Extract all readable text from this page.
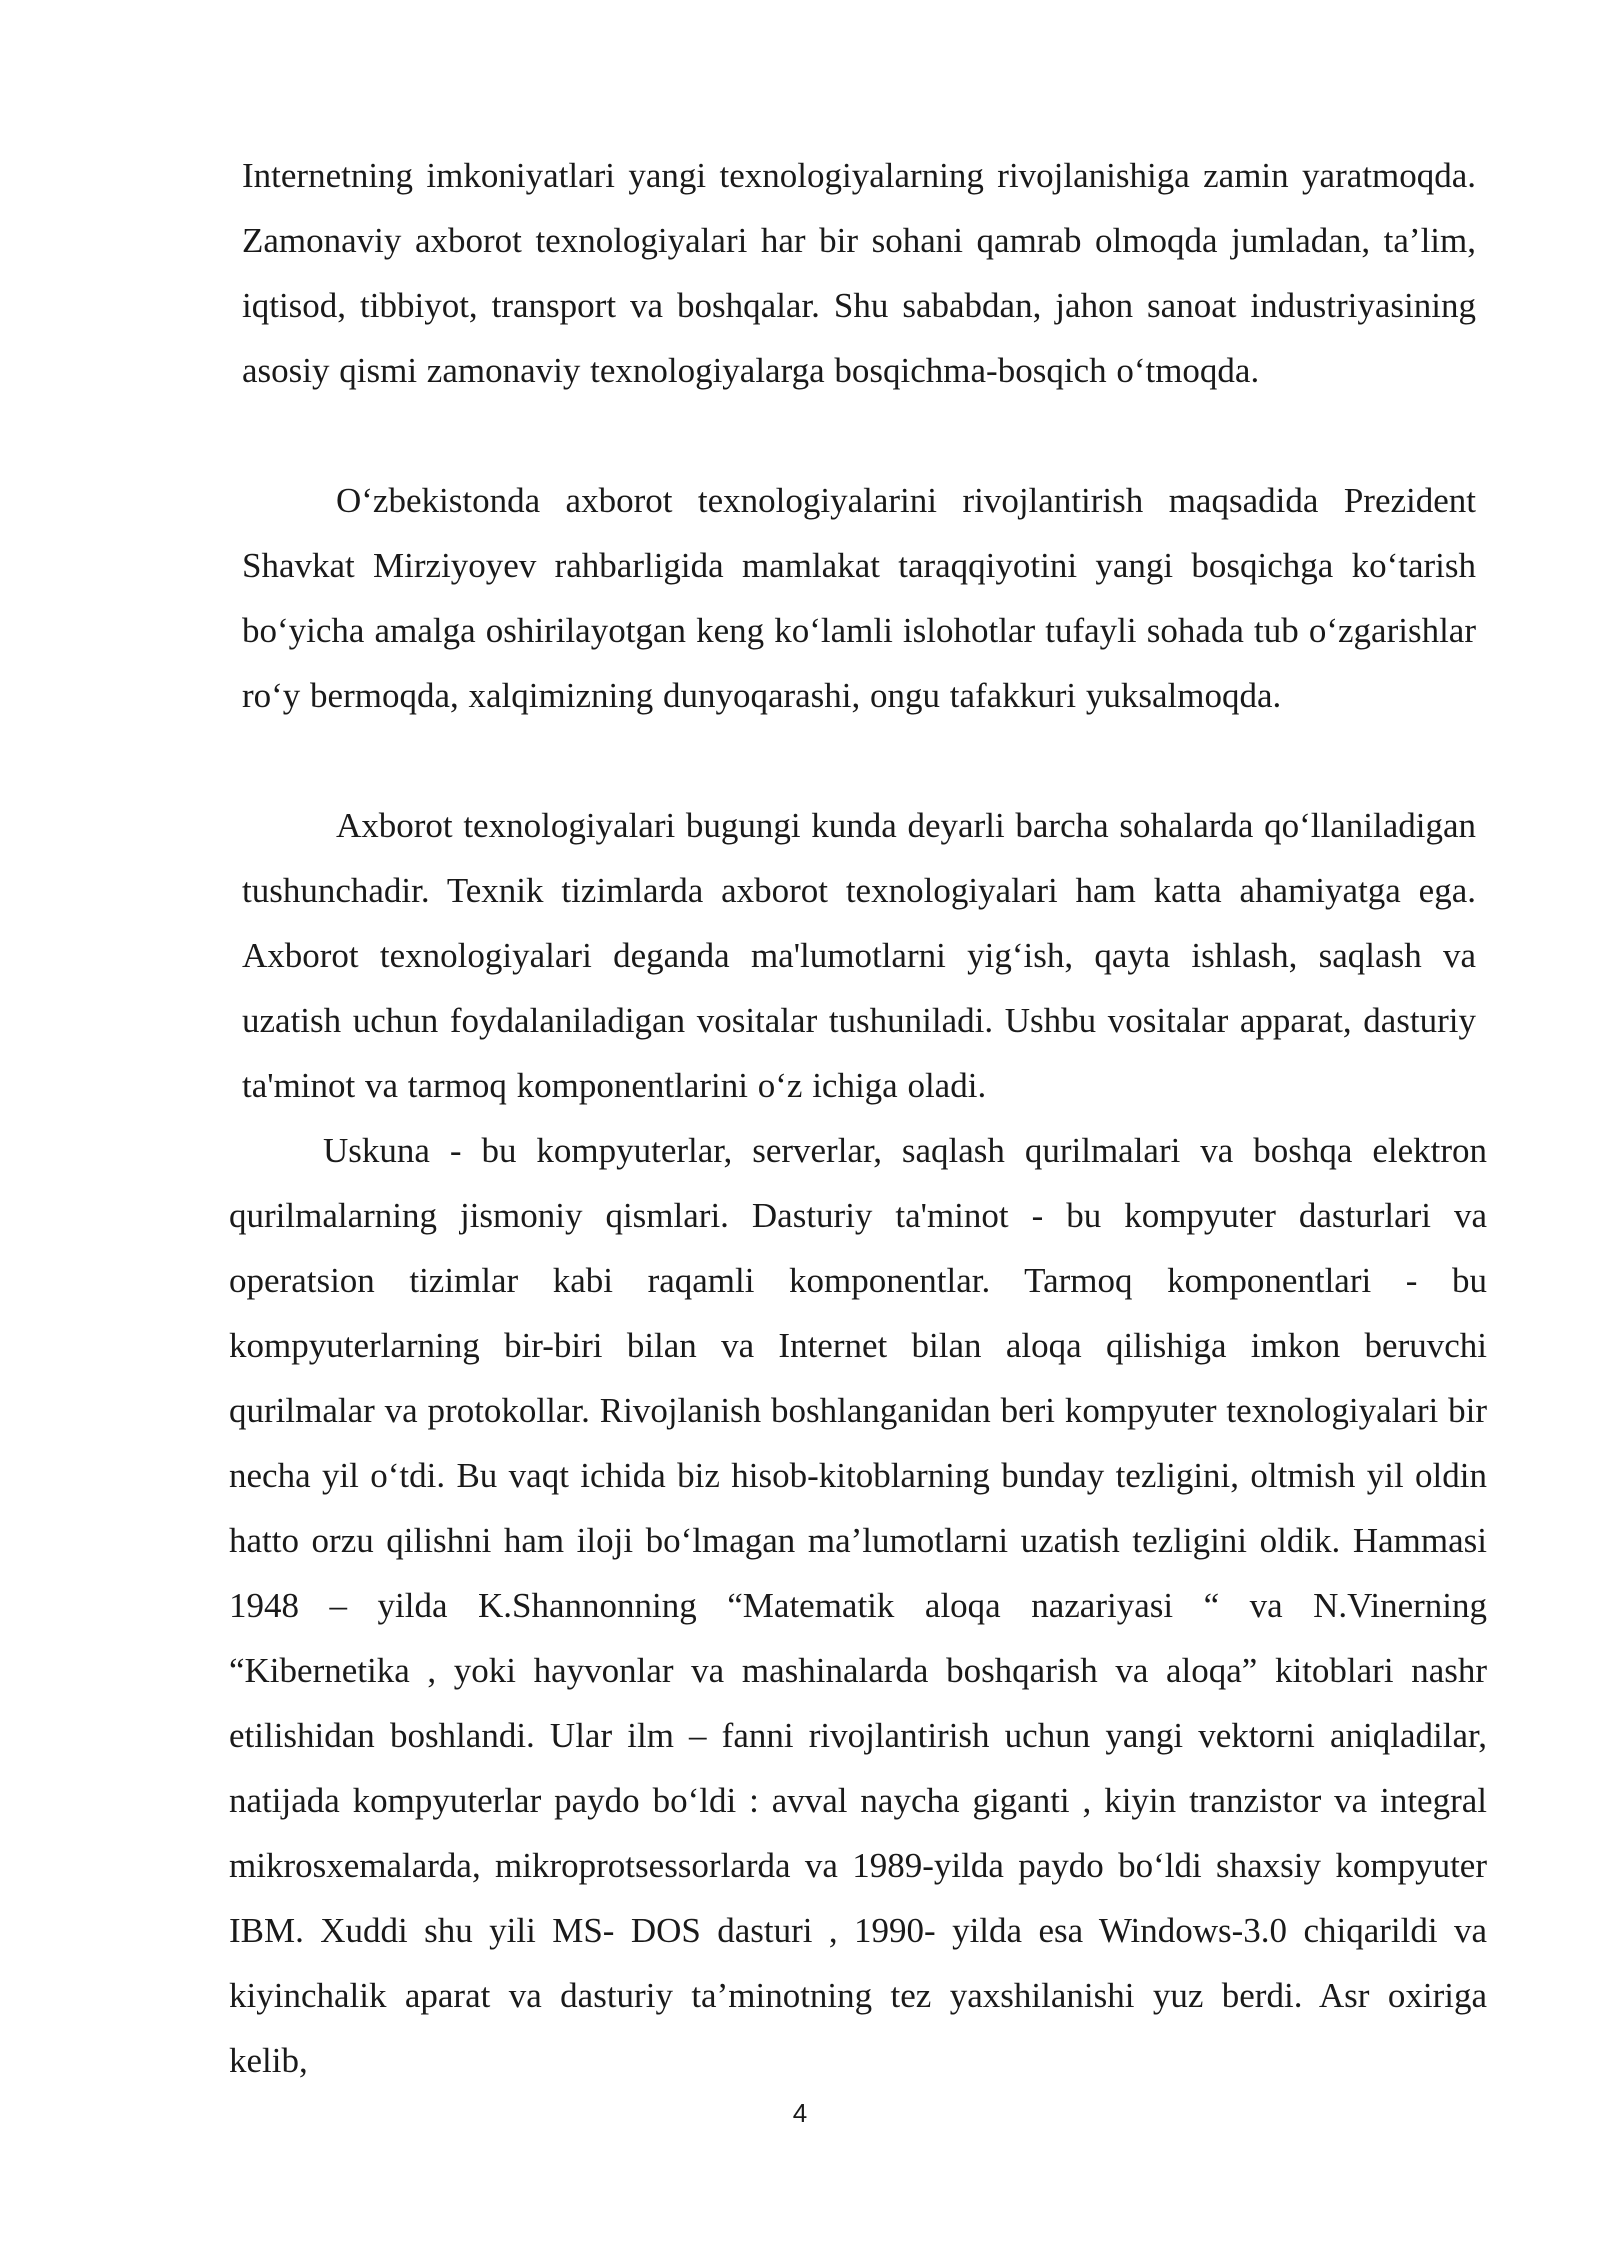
Internetning imkoniyatlari yangi texnologiyalarning rivojlanishiga zamin yaratmoqda. Zamonaviy axborot texnologiyalari har bir sohani qamrab olmoqda jumladan, ta’lim, iqtisod, tibbiyot, transport va boshqalar. Shu sababdan, jahon sanoat industriyasining asosiy qismi zamonaviy texnologiyalarga bosqichma-bosqich o‘tmoqda.

O‘zbekistonda axborot texnologiyalarini rivojlantirish maqsadida Prezident Shavkat Mirziyoyev rahbarligida mamlakat taraqqiyotini yangi bosqichga ko‘tarish bo‘yicha amalga oshirilayotgan keng ko‘lamli islohotlar tufayli sohada tub o‘zgarishlar ro‘y bermoqda, xalqimizning dunyoqarashi, ongu tafakkuri yuksalmoqda.

Axborot texnologiyalari bugungi kunda deyarli barcha sohalarda qo‘llaniladigan tushunchadir. Texnik tizimlarda axborot texnologiyalari ham katta ahamiyatga ega. Axborot texnologiyalari deganda ma'lumotlarni yig‘ish, qayta ishlash, saqlash va uzatish uchun foydalaniladigan vositalar tushuniladi. Ushbu vositalar apparat, dasturiy ta'minot va tarmoq komponentlarini o‘z ichiga oladi.

Uskuna - bu kompyuterlar, serverlar, saqlash qurilmalari va boshqa elektron qurilmalarning jismoniy qismlari. Dasturiy ta'minot - bu kompyuter dasturlari va operatsion tizimlar kabi raqamli komponentlar. Tarmoq komponentlari - bu kompyuterlarning bir-biri bilan va Internet bilan aloqa qilishiga imkon beruvchi qurilmalar va protokollar. Rivojlanish boshlanganidan beri kompyuter texnologiyalari bir necha yil o‘tdi. Bu vaqt ichida biz hisob-kitoblarning bunday tezligini, oltmish yil oldin hatto orzu qilishni ham iloji bo‘lmagan ma’lumotlarni uzatish tezligini oldik. Hammasi 1948 – yilda K.Shannonning “Matematik aloqa nazariyasi “ va N.Vinerning “Kibernetika , yoki hayvonlar va mashinalarda boshqarish va aloqa” kitoblari nashr etilishidan boshlandi. Ular ilm – fanni rivojlantirish uchun yangi vektorni aniqladilar, natijada kompyuterlar paydo bo‘ldi : avval naycha giganti , kiyin tranzistor va integral mikrosxemalarda, mikroprotsessorlarda va 1989-yilda paydo bo‘ldi shaxsiy kompyuter IBM. Xuddi shu yili MS- DOS dasturi , 1990- yilda esa Windows-3.0 chiqarildi va kiyinchalik aparat va dasturiy ta’minotning tez yaxshilanishi yuz berdi. Asr oxiriga kelib,

4
